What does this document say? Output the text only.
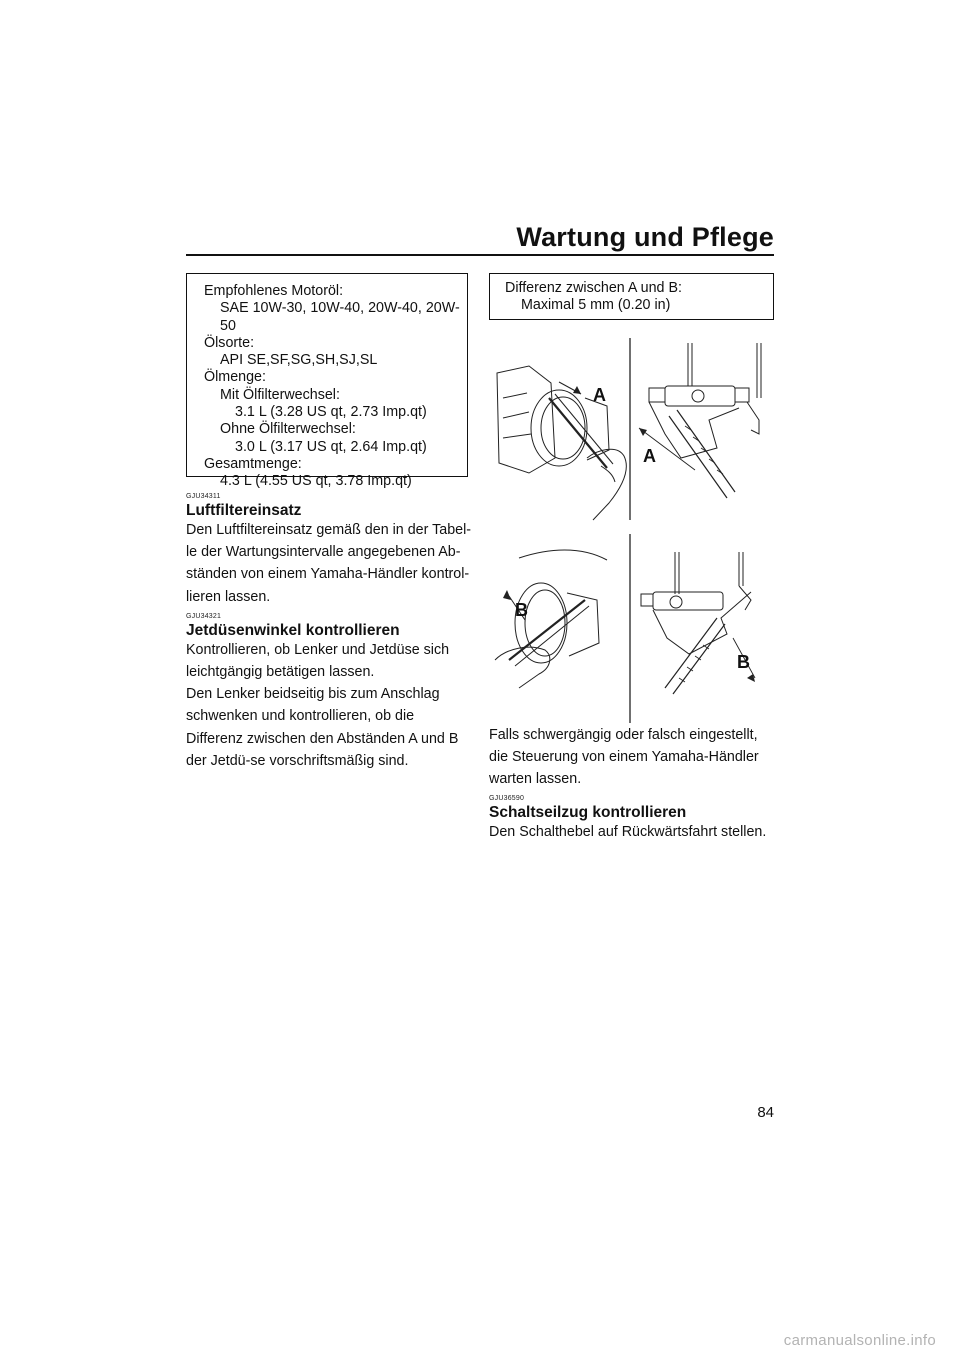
Wartung und Pflege
Empfohlenes Motoröl:
SAE 10W-30, 10W-40, 20W-40, 20W-
50
Ölsorte:
API SE,SF,SG,SH,SJ,SL
Ölmenge:
Mit Ölfilterwechsel:
3.1 L (3.28 US qt, 2.73 Imp.qt)
Ohne Ölfilterwechsel:
3.0 L (3.17 US qt, 2.64 Imp.qt)
Gesamtmenge:
4.3 L (4.55 US qt, 3.78 Imp.qt)
Differenz zwischen A und B:
Maximal 5 mm (0.20 in)
GJU34311
Luftfiltereinsatz
Den Luftfiltereinsatz gemäß den in der Tabel-​le der Wartungsintervalle angegebenen Ab-​ständen von einem Yamaha-Händler kontrol-​lieren lassen.
GJU34321
Jetdüsenwinkel kontrollieren
Kontrollieren, ob Lenker und Jetdüse sich leichtgängig betätigen lassen.
Den Lenker beidseitig bis zum Anschlag schwenken und kontrollieren, ob die Differenz zwischen den Abständen A und B der Jetdü-​se vorschriftsmäßig sind.
A
A
B
B
Falls schwergängig oder falsch eingestellt, die Steuerung von einem Yamaha-Händler warten lassen.
GJU36590
Schaltseilzug kontrollieren
Den Schalthebel auf Rückwärtsfahrt stellen.
84
carmanualsonline.info
